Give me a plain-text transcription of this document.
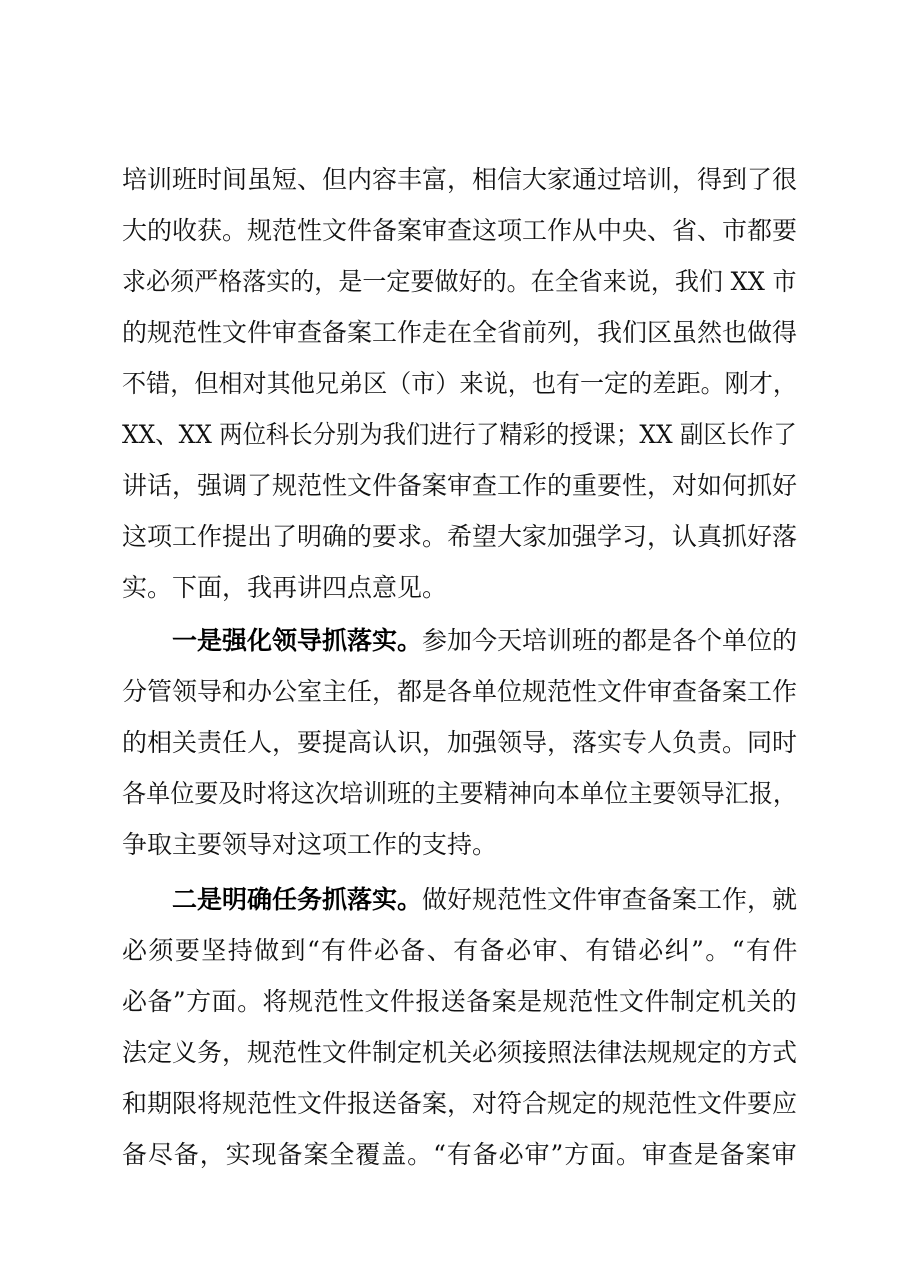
培训班时间虽短、但内容丰富，相信大家通过培训，得到了很
大的收获。规范性文件备案审查这项工作从中央、省、市都要
求必须严格落实的，是一定要做好的。在全省来说，我们 XX 市
的规范性文件审查备案工作走在全省前列，我们区虽然也做得
不错，但相对其他兄弟区（市）来说，也有一定的差距。刚才，
XX、XX 两位科长分别为我们进行了精彩的授课；XX 副区长作了
讲话，强调了规范性文件备案审查工作的重要性，对如何抓好
这项工作提出了明确的要求。希望大家加强学习，认真抓好落
实。下面，我再讲四点意见。
一是强化领导抓落实。参加今天培训班的都是各个单位的
分管领导和办公室主任，都是各单位规范性文件审查备案工作
的相关责任人，要提高认识，加强领导，落实专人负责。同时
各单位要及时将这次培训班的主要精神向本单位主要领导汇报，
争取主要领导对这项工作的支持。
二是明确任务抓落实。做好规范性文件审查备案工作，就
必须要坚持做到“有件必备、有备必审、有错必纠”。“有件
必备”方面。将规范性文件报送备案是规范性文件制定机关的
法定义务，规范性文件制定机关必须接照法律法规规定的方式
和期限将规范性文件报送备案，对符合规定的规范性文件要应
备尽备，实现备案全覆盖。“有备必审”方面。审查是备案审
